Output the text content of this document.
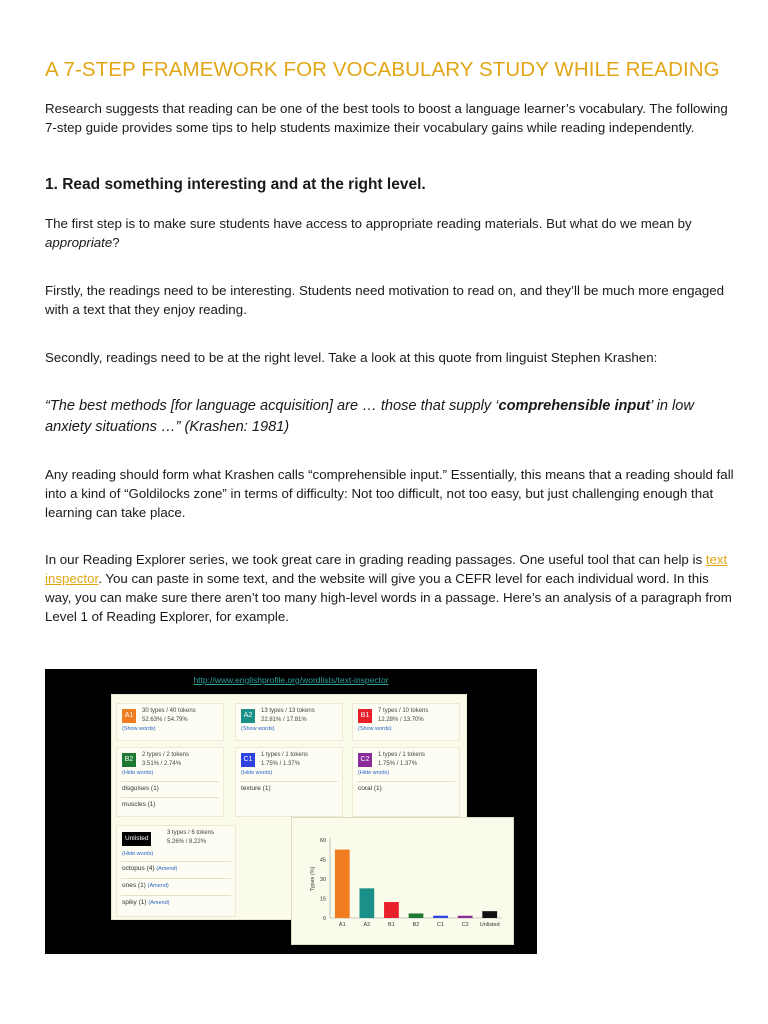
A 7-STEP FRAMEWORK FOR VOCABULARY STUDY WHILE READING

Research suggests that reading can be one of the best tools to boost a language learner’s vocabulary. The following 7-step guide provides some tips to help students maximize their vocabulary gains while reading independently.

1. Read something interesting and at the right level.

The first step is to make sure students have access to appropriate reading materials. But what do we mean by appropriate?

Firstly, the readings need to be interesting. Students need motivation to read on, and they’ll be much more engaged with a text that they enjoy reading.

Secondly, readings need to be at the right level. Take a look at this quote from linguist Stephen Krashen:

“The best methods [for language acquisition] are … those that supply ‘comprehensible input’ in low anxiety situations …” (Krashen: 1981)

Any reading should form what Krashen calls “comprehensible input.” Essentially, this means that a reading should fall into a kind of “Goldilocks zone” in terms of difficulty: Not too difficult, not too easy, but just challenging enough that learning can take place.

In our Reading Explorer series, we took great care in grading reading passages. One useful tool that can help is text inspector. You can paste in some text, and the website will give you a CEFR level for each individual word. In this way, you can make sure there aren’t too many high-level words in a passage. Here’s an analysis of a paragraph from Level 1 of Reading Explorer, for example.

http://www.englishprofile.org/wordlists/text-inspector
A1
30 types / 40 tokens
52.63% / 54.79%
(Show words)
A2
13 types / 13 tokens
22.81% / 17.81%
(Show words)
B1
7 types / 10 tokens
12.28% / 13.70%
(Show words)
B2
2 types / 2 tokens
3.51% / 2.74%
(Hide words)
disguises (1)
muscles (1)
C1
1 types / 1 tokens
1.75% / 1.37%
(Hide words)
texture (1)
C2
1 types / 1 tokens
1.75% / 1.37%
(Hide words)
coral (1)
Unlisted
3 types / 6 tokens
5.26% / 8.22%
(Hide words)
octopus (4) (Amend)
ones (1) (Amend)
spiky (1) (Amend)
Types (%)
0
15
30
45
60
A1	A2	B1	B2	C1	C2 Unlisted
